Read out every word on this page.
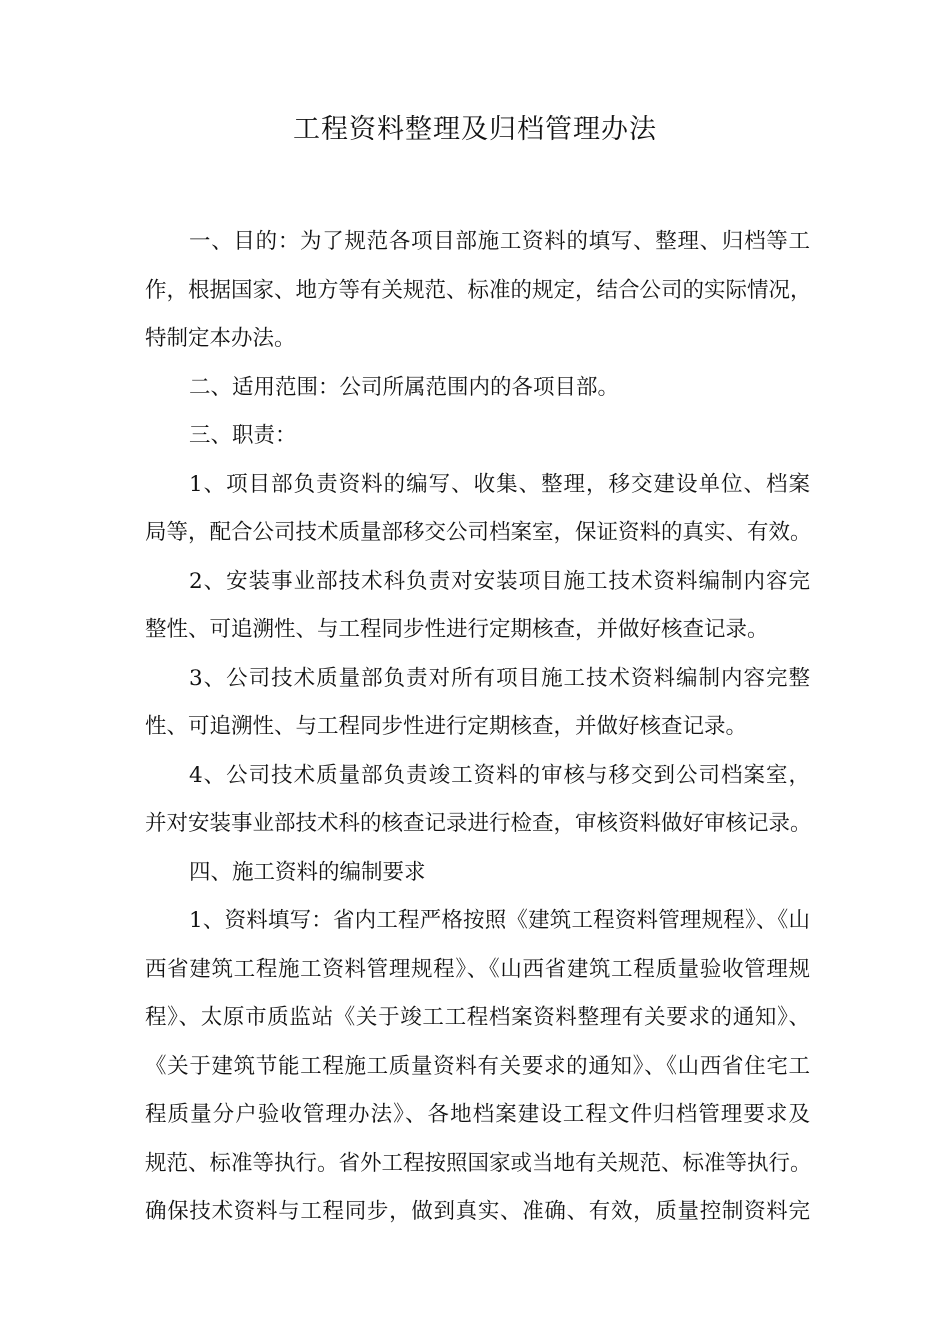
工程资料整理及归档管理办法
一、目的：为了规范各项目部施工资料的填写、整理、归档等工
作，根据国家、地方等有关规范、标准的规定，结合公司的实际情况，
特制定本办法。
二、适用范围：公司所属范围内的各项目部。
三、职责：
1、项目部负责资料的编写、收集、整理，移交建设单位、档案
局等，配合公司技术质量部移交公司档案室，保证资料的真实、有效。
2、安装事业部技术科负责对安装项目施工技术资料编制内容完
整性、可追溯性、与工程同步性进行定期核查，并做好核查记录。
3、公司技术质量部负责对所有项目施工技术资料编制内容完整
性、可追溯性、与工程同步性进行定期核查，并做好核查记录。
4、公司技术质量部负责竣工资料的审核与移交到公司档案室，
并对安装事业部技术科的核查记录进行检查，审核资料做好审核记录。
四、施工资料的编制要求
1、资料填写：省内工程严格按照《建筑工程资料管理规程》、《山
西省建筑工程施工资料管理规程》、《山西省建筑工程质量验收管理规
程》、太原市质监站《关于竣工工程档案资料整理有关要求的通知》、
《关于建筑节能工程施工质量资料有关要求的通知》、《山西省住宅工
程质量分户验收管理办法》、各地档案建设工程文件归档管理要求及
规范、标准等执行。省外工程按照国家或当地有关规范、标准等执行。
确保技术资料与工程同步，做到真实、准确、有效，质量控制资料完
